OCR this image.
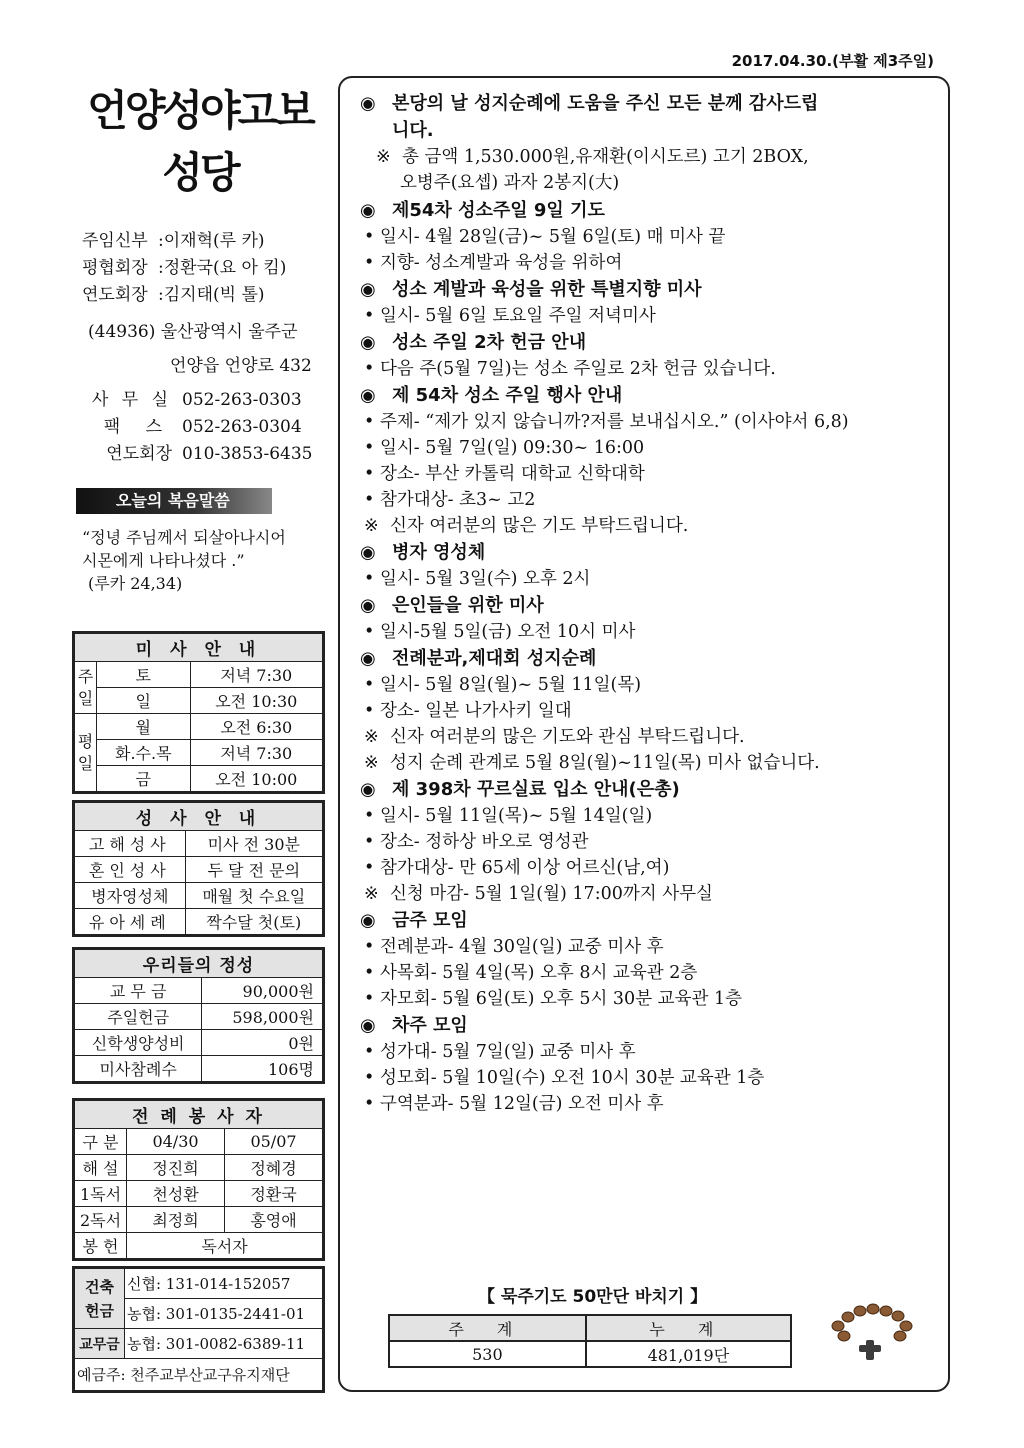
2017.04.30.(부활 제3주일)
언양성야고보
성당
주임신부 :이재혁(루 카)
평협회장 :정환국(요 아 킴)
연도회장 :김지태(빅 톨)
(44936) 울산광역시 울주군
언양읍 언양로 432
사 무 실 052-263-0303
팩 스 052-263-0304
연도회장 010-3853-6435
오늘의 복음말씀
“정녕 주님께서 되살아나시어
시몬에게 나타나셨다 .”
(루카 24,34)
미 사 안 내		
주일	토	저녁 7:30
	일	오전 10:30
평일	월	오전 6:30
	화.수.목	저녁 7:30
	금	오전 10:00
성 사 안 내	
고해성사	미사 전 30분
혼인성사	두 달 전 문의
병자영성체	매월 첫 수요일
유아세례	짝수달 첫(토)
우리들의 정성	
교 무 금	90,000원
주일헌금	598,000원
신학생양성비	0원
미사참례수	106명
전 례 봉 사 자		
구 분	04/30	05/07
해 설	정진희	정혜경
1독서	천성환	정환국
2독서	최정희	홍영애
봉 헌	독서자	
건축
헌금	신협: 131-014-152057
	농협: 301-0135-2441-01
교무금	농협: 301-0082-6389-11
예금주: 천주교부산교구유지재단	
◉ 본당의 날 성지순례에 도움을 주신 모든 분께 감사드립
니다.
※ 총 금액 1,530.000원,유재환(이시도르) 고기 2BOX,
오병주(요셉) 과자 2봉지(大)
◉ 제54차 성소주일 9일 기도
• 일시- 4월 28일(금)~ 5월 6일(토) 매 미사 끝
• 지향- 성소계발과 육성을 위하여
◉ 성소 계발과 육성을 위한 특별지향 미사
• 일시- 5월 6일 토요일 주일 저녁미사
◉ 성소 주일 2차 헌금 안내
• 다음 주(5월 7일)는 성소 주일로 2차 헌금 있습니다.
◉ 제 54차 성소 주일 행사 안내
• 주제- “제가 있지 않습니까?저를 보내십시오.” (이사야서 6,8)
• 일시- 5월 7일(일) 09:30~ 16:00
• 장소- 부산 카톨릭 대학교 신학대학
• 참가대상- 초3~ 고2
※ 신자 여러분의 많은 기도 부탁드립니다.
◉ 병자 영성체
• 일시- 5월 3일(수) 오후 2시
◉ 은인들을 위한 미사
• 일시-5월 5일(금) 오전 10시 미사
◉ 전례분과,제대회 성지순례
• 일시- 5월 8일(월)~ 5월 11일(목)
• 장소- 일본 나가사키 일대
※ 신자 여러분의 많은 기도와 관심 부탁드립니다.
※ 성지 순례 관계로 5월 8일(월)~11일(목) 미사 없습니다.
◉ 제 398차 꾸르실료 입소 안내(은총)
• 일시- 5월 11일(목)~ 5월 14일(일)
• 장소- 정하상 바오로 영성관
• 참가대상- 만 65세 이상 어르신(남,여)
※ 신청 마감- 5월 1일(월) 17:00까지 사무실
◉ 금주 모임
• 전례분과- 4월 30일(일) 교중 미사 후
• 사목회- 5월 4일(목) 오후 8시 교육관 2층
• 자모회- 5월 6일(토) 오후 5시 30분 교육관 1층
◉ 차주 모임
• 성가대- 5월 7일(일) 교중 미사 후
• 성모회- 5월 10일(수) 오전 10시 30분 교육관 1층
• 구역분과- 5월 12일(금) 오전 미사 후
【 묵주기도 50만단 바치기 】
주 계	누 계
530	481,019단
